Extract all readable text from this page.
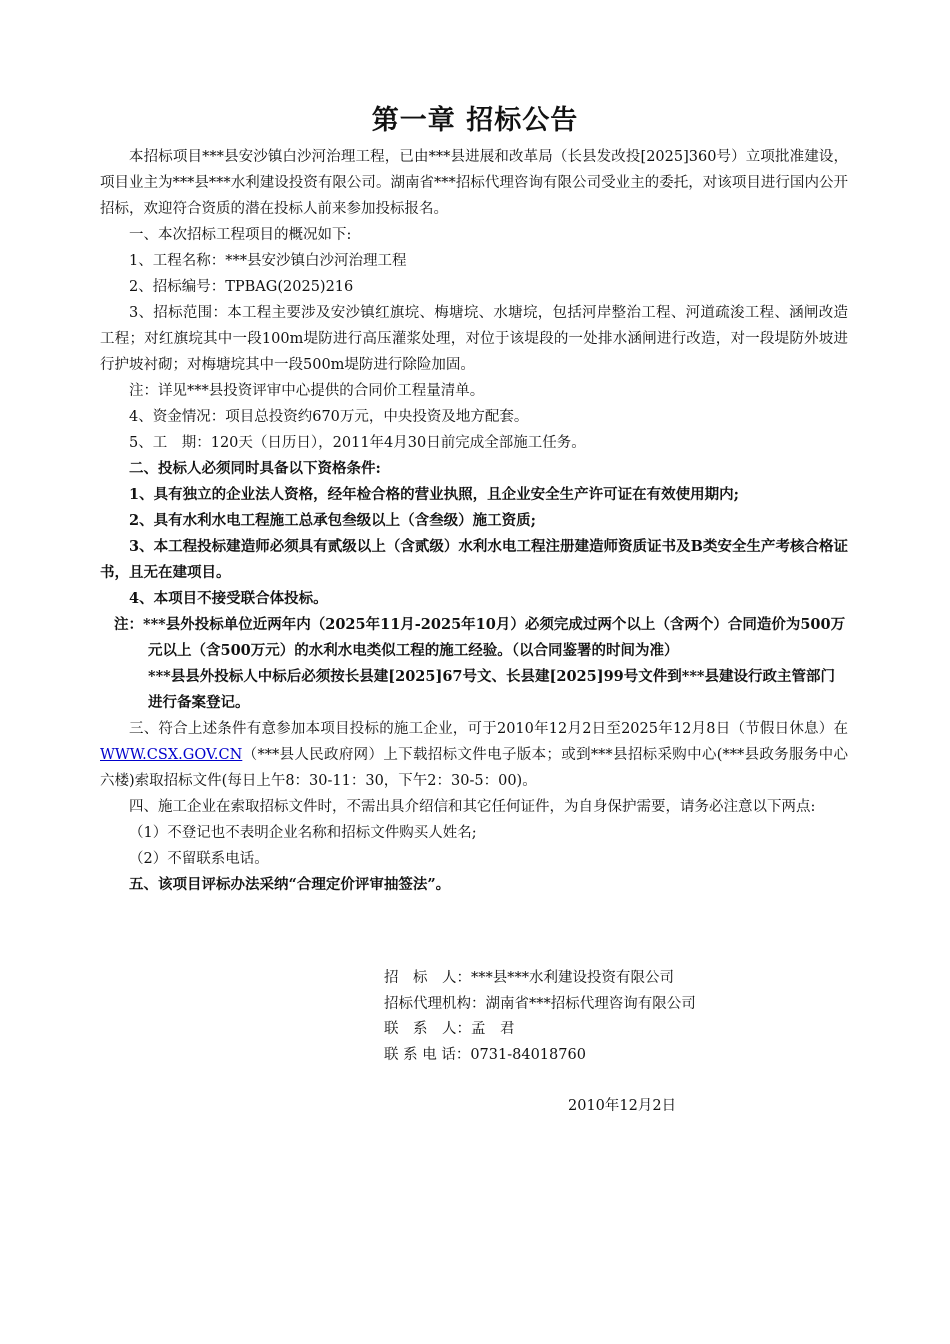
第一章 招标公告

本招标项目***县安沙镇白沙河治理工程，已由***县进展和改革局（长县发改投[2025]360号）立项批准建设，项目业主为***县***水利建设投资有限公司。湖南省***招标代理咨询有限公司受业主的委托，对该项目进行国内公开招标，欢迎符合资质的潜在投标人前来参加投标报名。

一、本次招标工程项目的概况如下:

1、工程名称：***县安沙镇白沙河治理工程

2、招标编号：TPBAG(2025)216

3、招标范围：本工程主要涉及安沙镇红旗垸、梅塘垸、水塘垸，包括河岸整治工程、河道疏浚工程、涵闸改造工程；对红旗垸其中一段100m堤防进行高压灌浆处理，对位于该堤段的一处排水涵闸进行改造，对一段堤防外坡进行护坡衬砌；对梅塘垸其中一段500m堤防进行除险加固。

注：详见***县投资评审中心提供的合同价工程量清单。

4、资金情况：项目总投资约670万元，中央投资及地方配套。

5、工　期：120天（日历日），2011年4月30日前完成全部施工任务。

二、投标人必须同时具备以下资格条件:

1、具有独立的企业法人资格，经年检合格的营业执照，且企业安全生产许可证在有效使用期内;

2、具有水利水电工程施工总承包叁级以上（含叁级）施工资质;

3、本工程投标建造师必须具有贰级以上（含贰级）水利水电工程注册建造师资质证书及B类安全生产考核合格证书，且无在建项目。

4、本项目不接受联合体投标。

注：***县外投标单位近两年内（2025年11月-2025年10月）必须完成过两个以上（含两个）合同造价为500万元以上（含500万元）的水利水电类似工程的施工经验。（以合同鉴署的时间为准）

***县县外投标人中标后必须按长县建[2025]67号文、长县建[2025]99号文件到***县建设行政主管部门进行备案登记。

三、符合上述条件有意参加本项目投标的施工企业，可于2010年12月2日至2025年12月8日（节假日休息）在WWW.CSX.GOV.CN（***县人民政府网）上下载招标文件电子版本；或到***县招标采购中心(***县政务服务中心六楼)索取招标文件(每日上午8：30-11：30，下午2：30-5：00)。

四、施工企业在索取招标文件时，不需出具介绍信和其它任何证件，为自身保护需要，请务必注意以下两点:

（1）不登记也不表明企业名称和招标文件购买人姓名;

（2）不留联系电话。

五、该项目评标办法采纳“合理定价评审抽签法”。

招　标　人：***县***水利建设投资有限公司
招标代理机构：湖南省***招标代理咨询有限公司
联　系　人：孟　君
联 系 电 话：0731-84018760
2010年12月2日
